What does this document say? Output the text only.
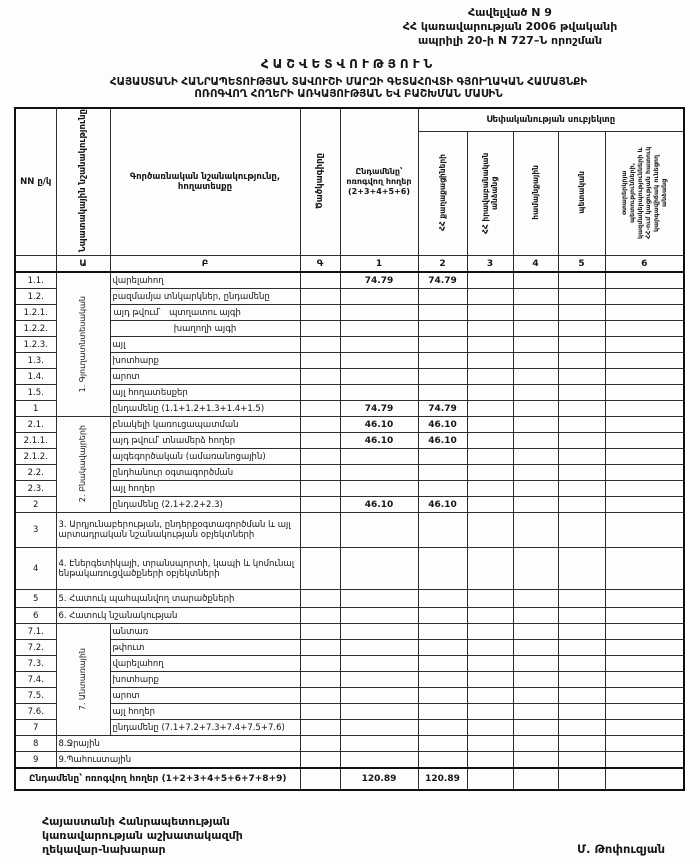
Հավելված N 9
ՀՀ կառավարության 2006 թվականի
ապրիլի 20-ի N 727–Ն որոշման
ՀԱՇՎԵՏՎՈՒԹՅՈՒՆ
ՀԱՅԱՍՏԱՆԻ ՀԱՆՐԱՊԵՏՈՒԹՅԱՆ ՏԱՎՈՒՇԻ ՄԱՐԶԻ ԳԵՏԱՀՈՎՏԻ ԳՅՈՒՂԱԿԱՆ ՀԱՄԱՅՆՔԻ
ՈՌՈԳՎՈՂ ՀՈՂԵՐԻ ԱՌԿԱՅՈՒԹՅԱՆ ԵՎ ԲԱՇԽՄԱՆ ՄԱՍԻՆ
NN ը/կ	Նպատակային նշանակությունը	Գործառնական նշանակությունը, հողատեսքը	Ծածկագիրը	Ընդամենը՝ ոռոգվող հողեր (2+3+4+5+6)	Սեփականության սուբյեկտը				
					ՀՀ քաղաքացիների	ՀՀ իրավաբանական անձանց	համայնքային	պետական	օտարերկրյա պետությունների, կազմակերպությունների և ՀՀ-ում կացության հատուկ կարգավիճակ ունեցող անձանց
	Ա	Բ	Գ	1	2	3	4	5	6
1.1.	1. Գյուղատնտեսական	վարելահող		74.79	74.79				
1.2.		բազմամյա տնկարկներ, ընդամենը							
1.2.1.		այդ թվում՝ պտղատու այգի							
1.2.2.		խաղողի այգի							
1.2.3.		այլ							
1.3.		խոտհարք							
1.4.		արոտ							
1.5.		այլ հողատեսքեր							
1		ընդամենը (1.1+1.2+1.3+1.4+1.5)		74.79	74.79				
2.1.	2. Բնակավայրերի	բնակելի կառուցապատման		46.10	46.10				
2.1.1.		այդ թվում՝ տնամերձ հողեր		46.10	46.10				
2.1.2.		այգեգործական (ամառանոցային)							
2.2.		ընդհանուր օգտագործման							
2.3.		այլ հողեր							
2		ընդամենը (2.1+2.2+2.3)		46.10	46.10				
3	3. Արդյունաբերության, ընդերքօգտագործման և այլ արտադրական նշանակության օբյեկտների								
4	4. Էներգետիկայի, տրանսպորտի, կապի և կոմունալ ենթակառուցվածքների օբյեկտների								
5	5. Հատուկ պահպանվող տարածքների								
6	6. Հատուկ նշանակության								
7.1.	7. Անտառային	անտառ							
7.2.		թփուտ							
7.3.		վարելահող							
7.4.		խոտհարք							
7.5.		արոտ							
7.6.		այլ հողեր							
7		ընդամենը (7.1+7.2+7.3+7.4+7.5+7.6)							
8	8.Ջրային								
9	9.Պահուստային								
Ընդամենը՝ ոռոգվող հողեր (1+2+3+4+5+6+7+8+9)				120.89	120.89				
Հայաստանի Հանրապետության
կառավարության աշխատակազմի
ղեկավար-նախարար	Մ. Թոփուզյան
